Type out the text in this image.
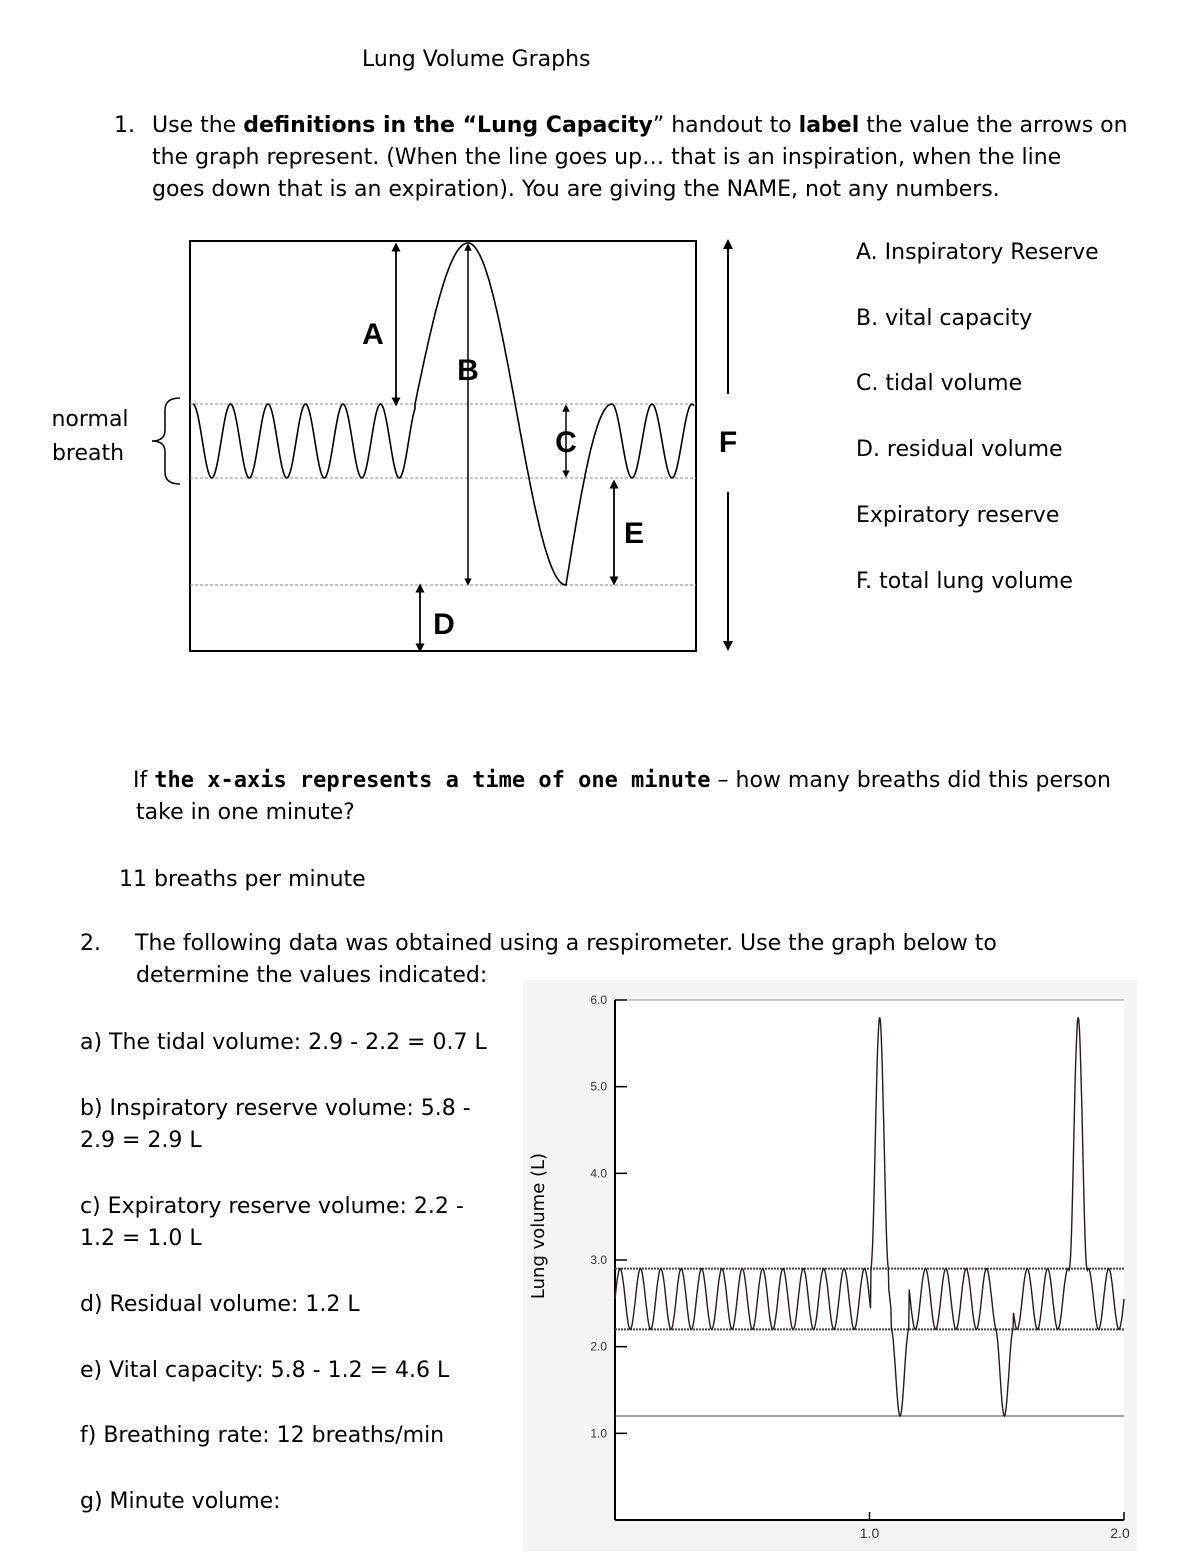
Lung Volume Graphs
1. Use the definitions in the “Lung Capacity” handout to label the value the arrows on
the graph represent. (When the line goes up… that is an inspiration, when the line
goes down that is an expiration). You are giving the NAME, not any numbers.
A
B
C
D
E
F
normal
breath
A. Inspiratory Reserve
B. vital capacity
C. tidal volume
D. residual volume
Expiratory reserve
F. total lung volume
If the x-axis represents a time of one minute – how many breaths did this person
take in one minute?
11 breaths per minute
2. The following data was obtained using a respirometer. Use the graph below to
determine the values indicated:
a) The tidal volume: 2.9 - 2.2 = 0.7 L
b) Inspiratory reserve volume: 5.8 -
2.9 = 2.9 L
c) Expiratory reserve volume: 2.2 -
1.2 = 1.0 L
d) Residual volume: 1.2 L
e) Vital capacity: 5.8 - 1.2 = 4.6 L
f) Breathing rate: 12 breaths/min
g) Minute volume:
6.0
5.0
4.0
3.0
2.0
1.0
1.0	2.0
Lung volume (L)
